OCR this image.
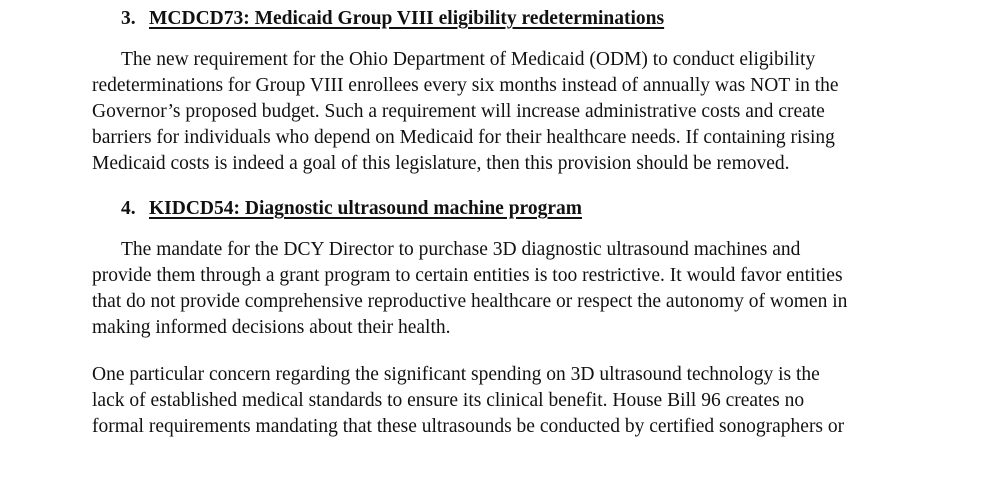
3. MCDCD73: Medicaid Group VIII eligibility redeterminations
The new requirement for the Ohio Department of Medicaid (ODM) to conduct eligibility
redeterminations for Group VIII enrollees every six months instead of annually was NOT in the
Governor’s proposed budget. Such a requirement will increase administrative costs and create
barriers for individuals who depend on Medicaid for their healthcare needs. If containing rising
Medicaid costs is indeed a goal of this legislature, then this provision should be removed.
4. KIDCD54: Diagnostic ultrasound machine program
The mandate for the DCY Director to purchase 3D diagnostic ultrasound machines and
provide them through a grant program to certain entities is too restrictive. It would favor entities
that do not provide comprehensive reproductive healthcare or respect the autonomy of women in
making informed decisions about their health.
One particular concern regarding the significant spending on 3D ultrasound technology is the
lack of established medical standards to ensure its clinical benefit. House Bill 96 creates no
formal requirements mandating that these ultrasounds be conducted by certified sonographers or
